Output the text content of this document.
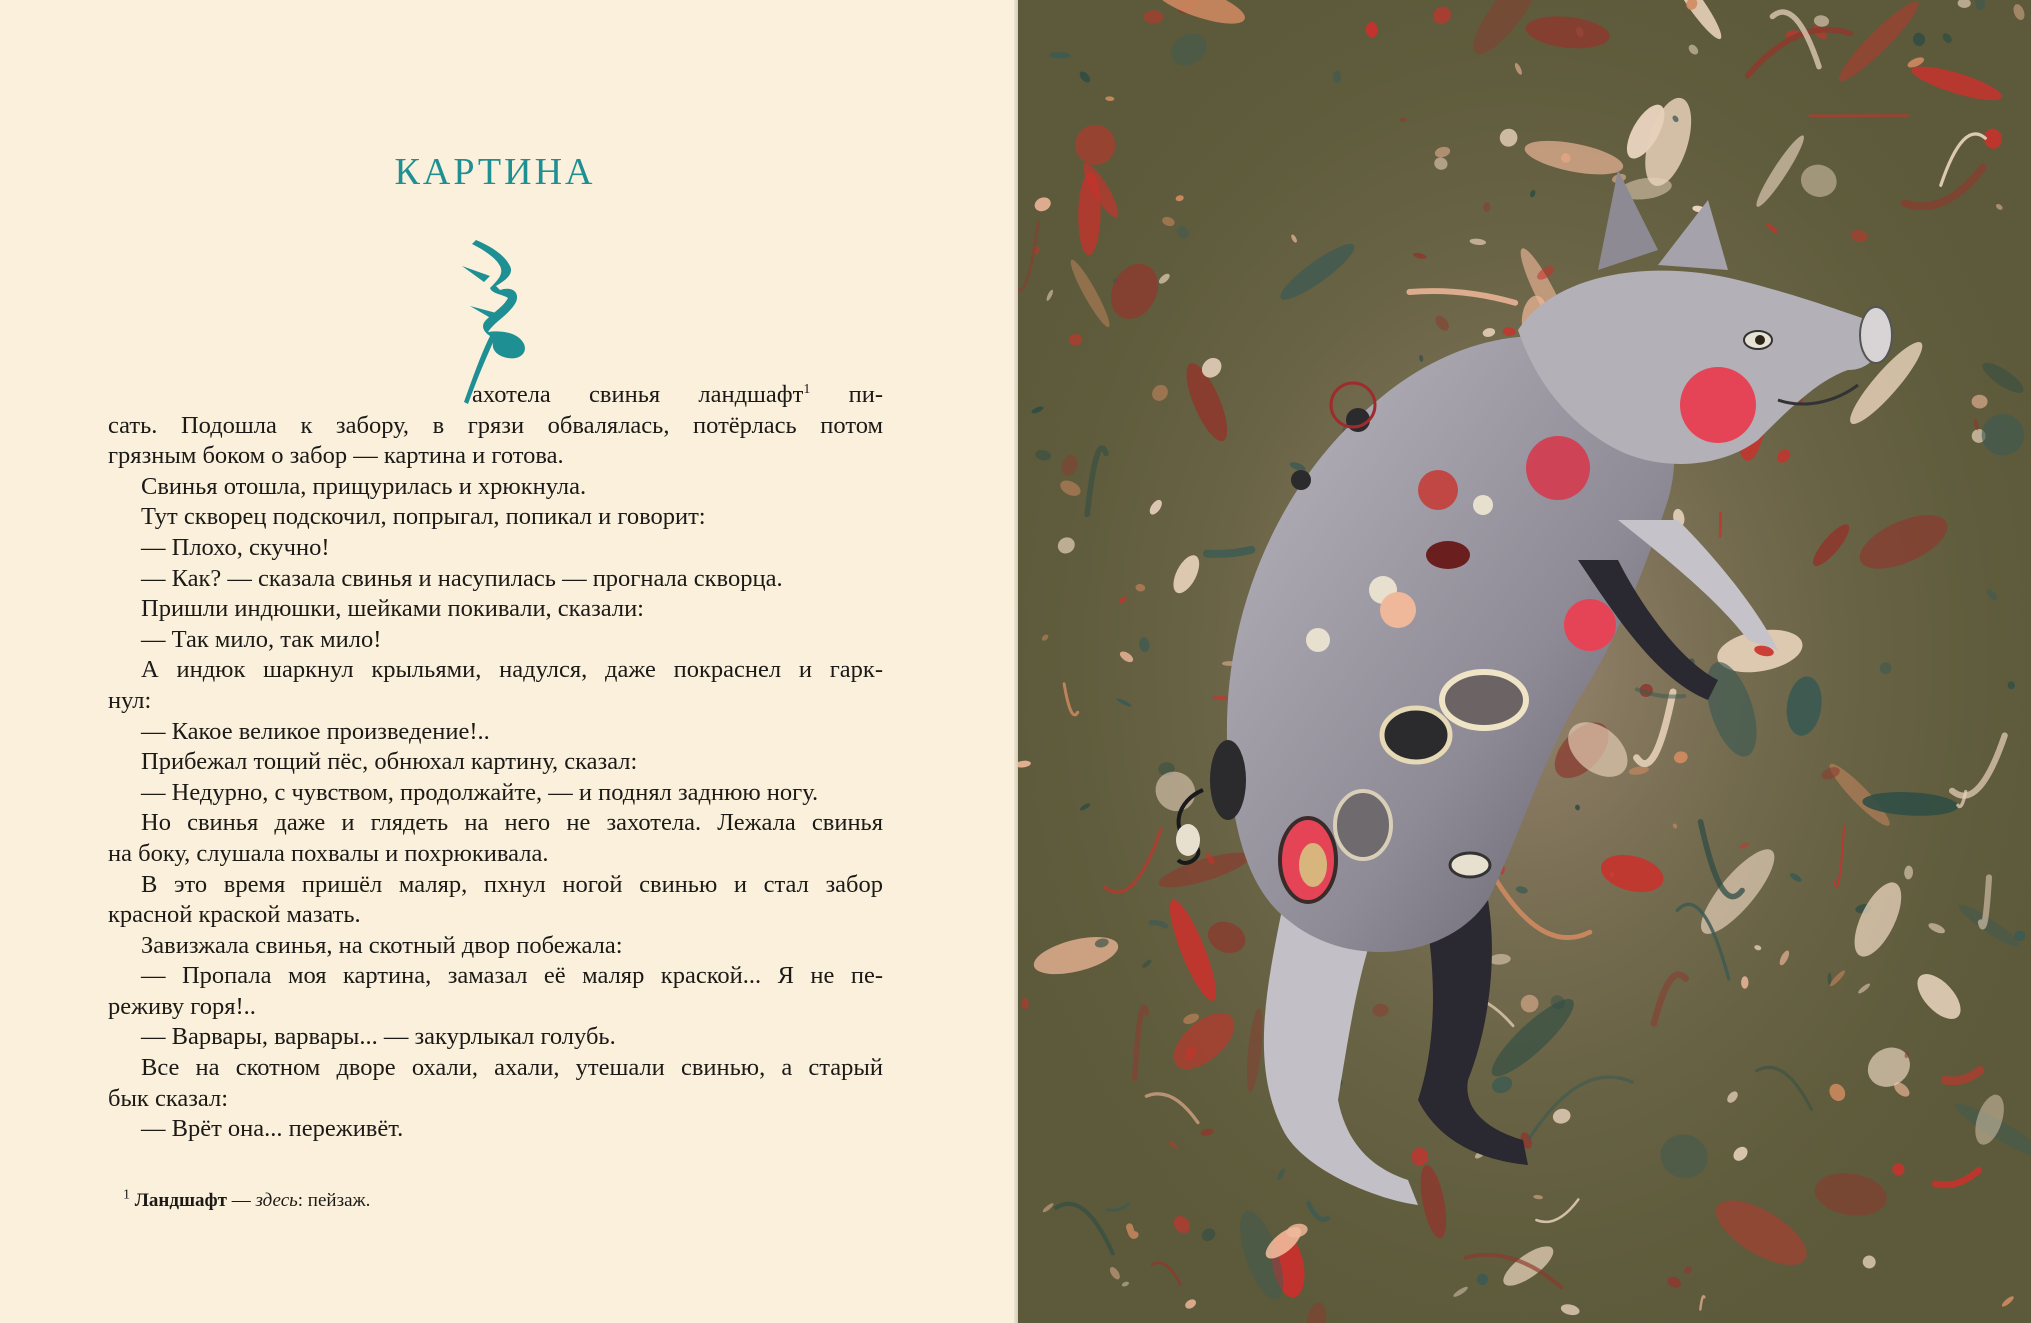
КАРТИНА
ахотела свинья ландшафт$^1$ пи-
сать. Подошла к забору, в грязи обвалялась, потёрлась потом
грязным боком о забор — картина и готова.
Свинья отошла, прищурилась и хрюкнула.
Тут скворец подскочил, попрыгал, попикал и говорит:
— Плохо, скучно!
— Как? — сказала свинья и насупилась — прогнала скворца.
Пришли индюшки, шейками покивали, сказали:
— Так мило, так мило!
А индюк шаркнул крыльями, надулся, даже покраснел и гарк-
нул:
— Какое великое произведение!..
Прибежал тощий пёс, обнюхал картину, сказал:
— Недурно, с чувством, продолжайте, — и поднял заднюю ногу.
Но свинья даже и глядеть на него не захотела. Лежала свинья
на боку, слушала похвалы и похрюкивала.
В это время пришёл маляр, пхнул ногой свинью и стал забор
красной краской мазать.
Завизжала свинья, на скотный двор побежала:
— Пропала моя картина, замазал её маляр краской... Я не пе-
реживу горя!..
— Варвары, варвары... — закурлыкал голубь.
Все на скотном дворе охали, ахали, утешали свинью, а старый
бык сказал:
— Врёт она... переживёт.
$^1$ Ландшафт — здесь: пейзаж.
